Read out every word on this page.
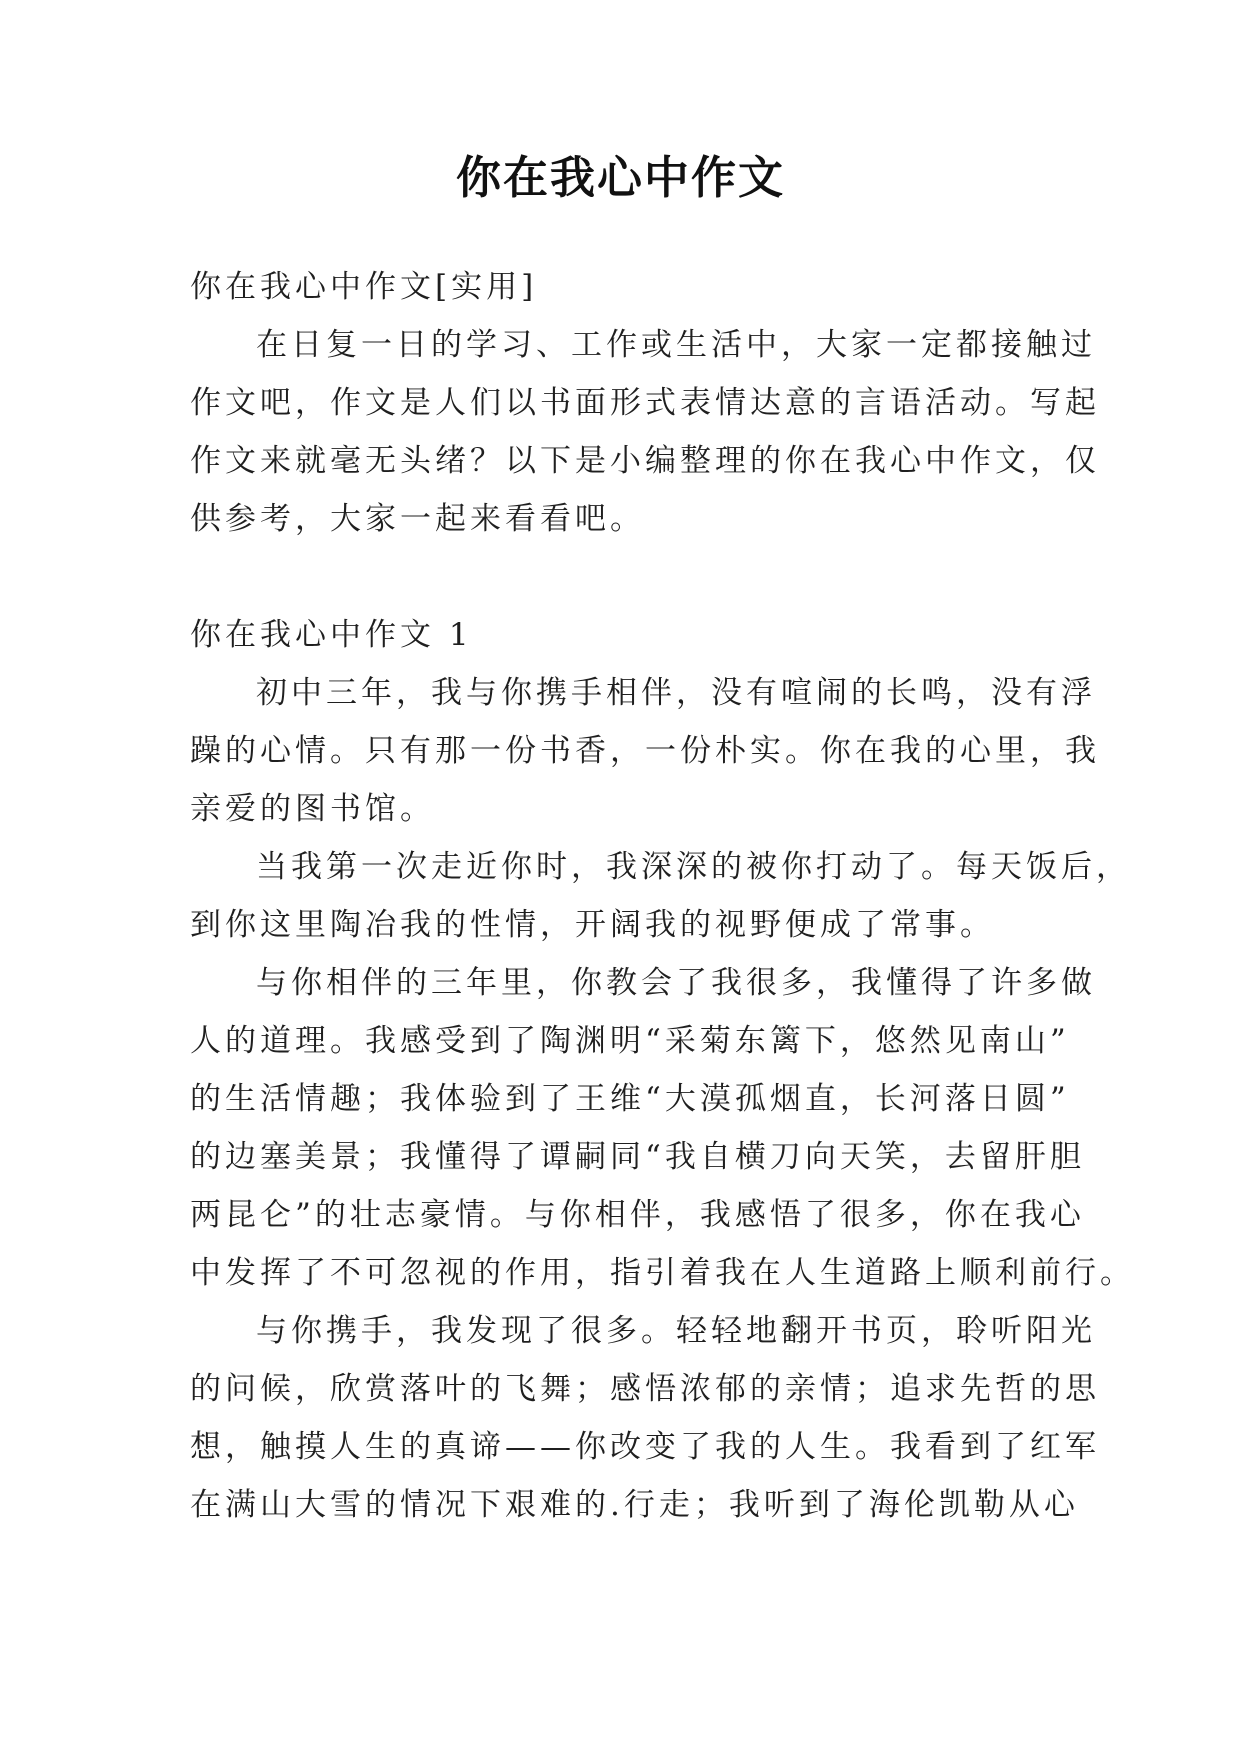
你在我心中作文
你在我心中作文[实用]
在日复一日的学习、工作或生活中，大家一定都接触过
作文吧，作文是人们以书面形式表情达意的言语活动。写起
作文来就毫无头绪？以下是小编整理的你在我心中作文，仅
供参考，大家一起来看看吧。
你在我心中作文 1
初中三年，我与你携手相伴，没有喧闹的长鸣，没有浮
躁的心情。只有那一份书香，一份朴实。你在我的心里，我
亲爱的图书馆。
当我第一次走近你时，我深深的被你打动了。每天饭后，
到你这里陶冶我的性情，开阔我的视野便成了常事。
与你相伴的三年里，你教会了我很多，我懂得了许多做
人的道理。我感受到了陶渊明“采菊东篱下，悠然见南山”
的生活情趣；我体验到了王维“大漠孤烟直，长河落日圆”
的边塞美景；我懂得了谭嗣同“我自横刀向天笑，去留肝胆
两昆仑”的壮志豪情。与你相伴，我感悟了很多，你在我心
中发挥了不可忽视的作用，指引着我在人生道路上顺利前行。
与你携手，我发现了很多。轻轻地翻开书页，聆听阳光
的问候，欣赏落叶的飞舞；感悟浓郁的亲情；追求先哲的思
想，触摸人生的真谛——你改变了我的人生。我看到了红军
在满山大雪的情况下艰难的.行走；我听到了海伦凯勒从心
